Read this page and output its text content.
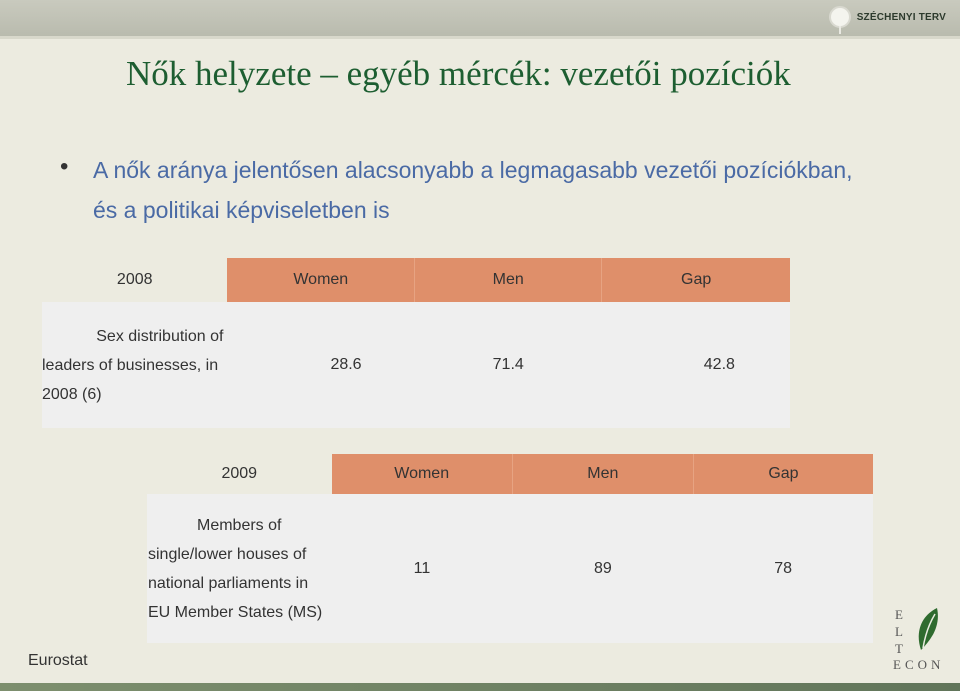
SZÉCHENYI TERV
Nők helyzete – egyéb mércék: vezetői pozíciók
• A nők aránya jelentősen alacsonyabb a legmagasabb vezetői pozíciókban, és a politikai képviseletben is
2008	Women	Men	Gap

Sex distribution of
leaders of businesses, in
2008 (6)	28.6	71.4	42.8
2009	Women	Men	Gap

Members of
single/lower houses of
national parliaments in
EU Member States (MS)	11	89	78
Eurostat
E
L
T
ECON
